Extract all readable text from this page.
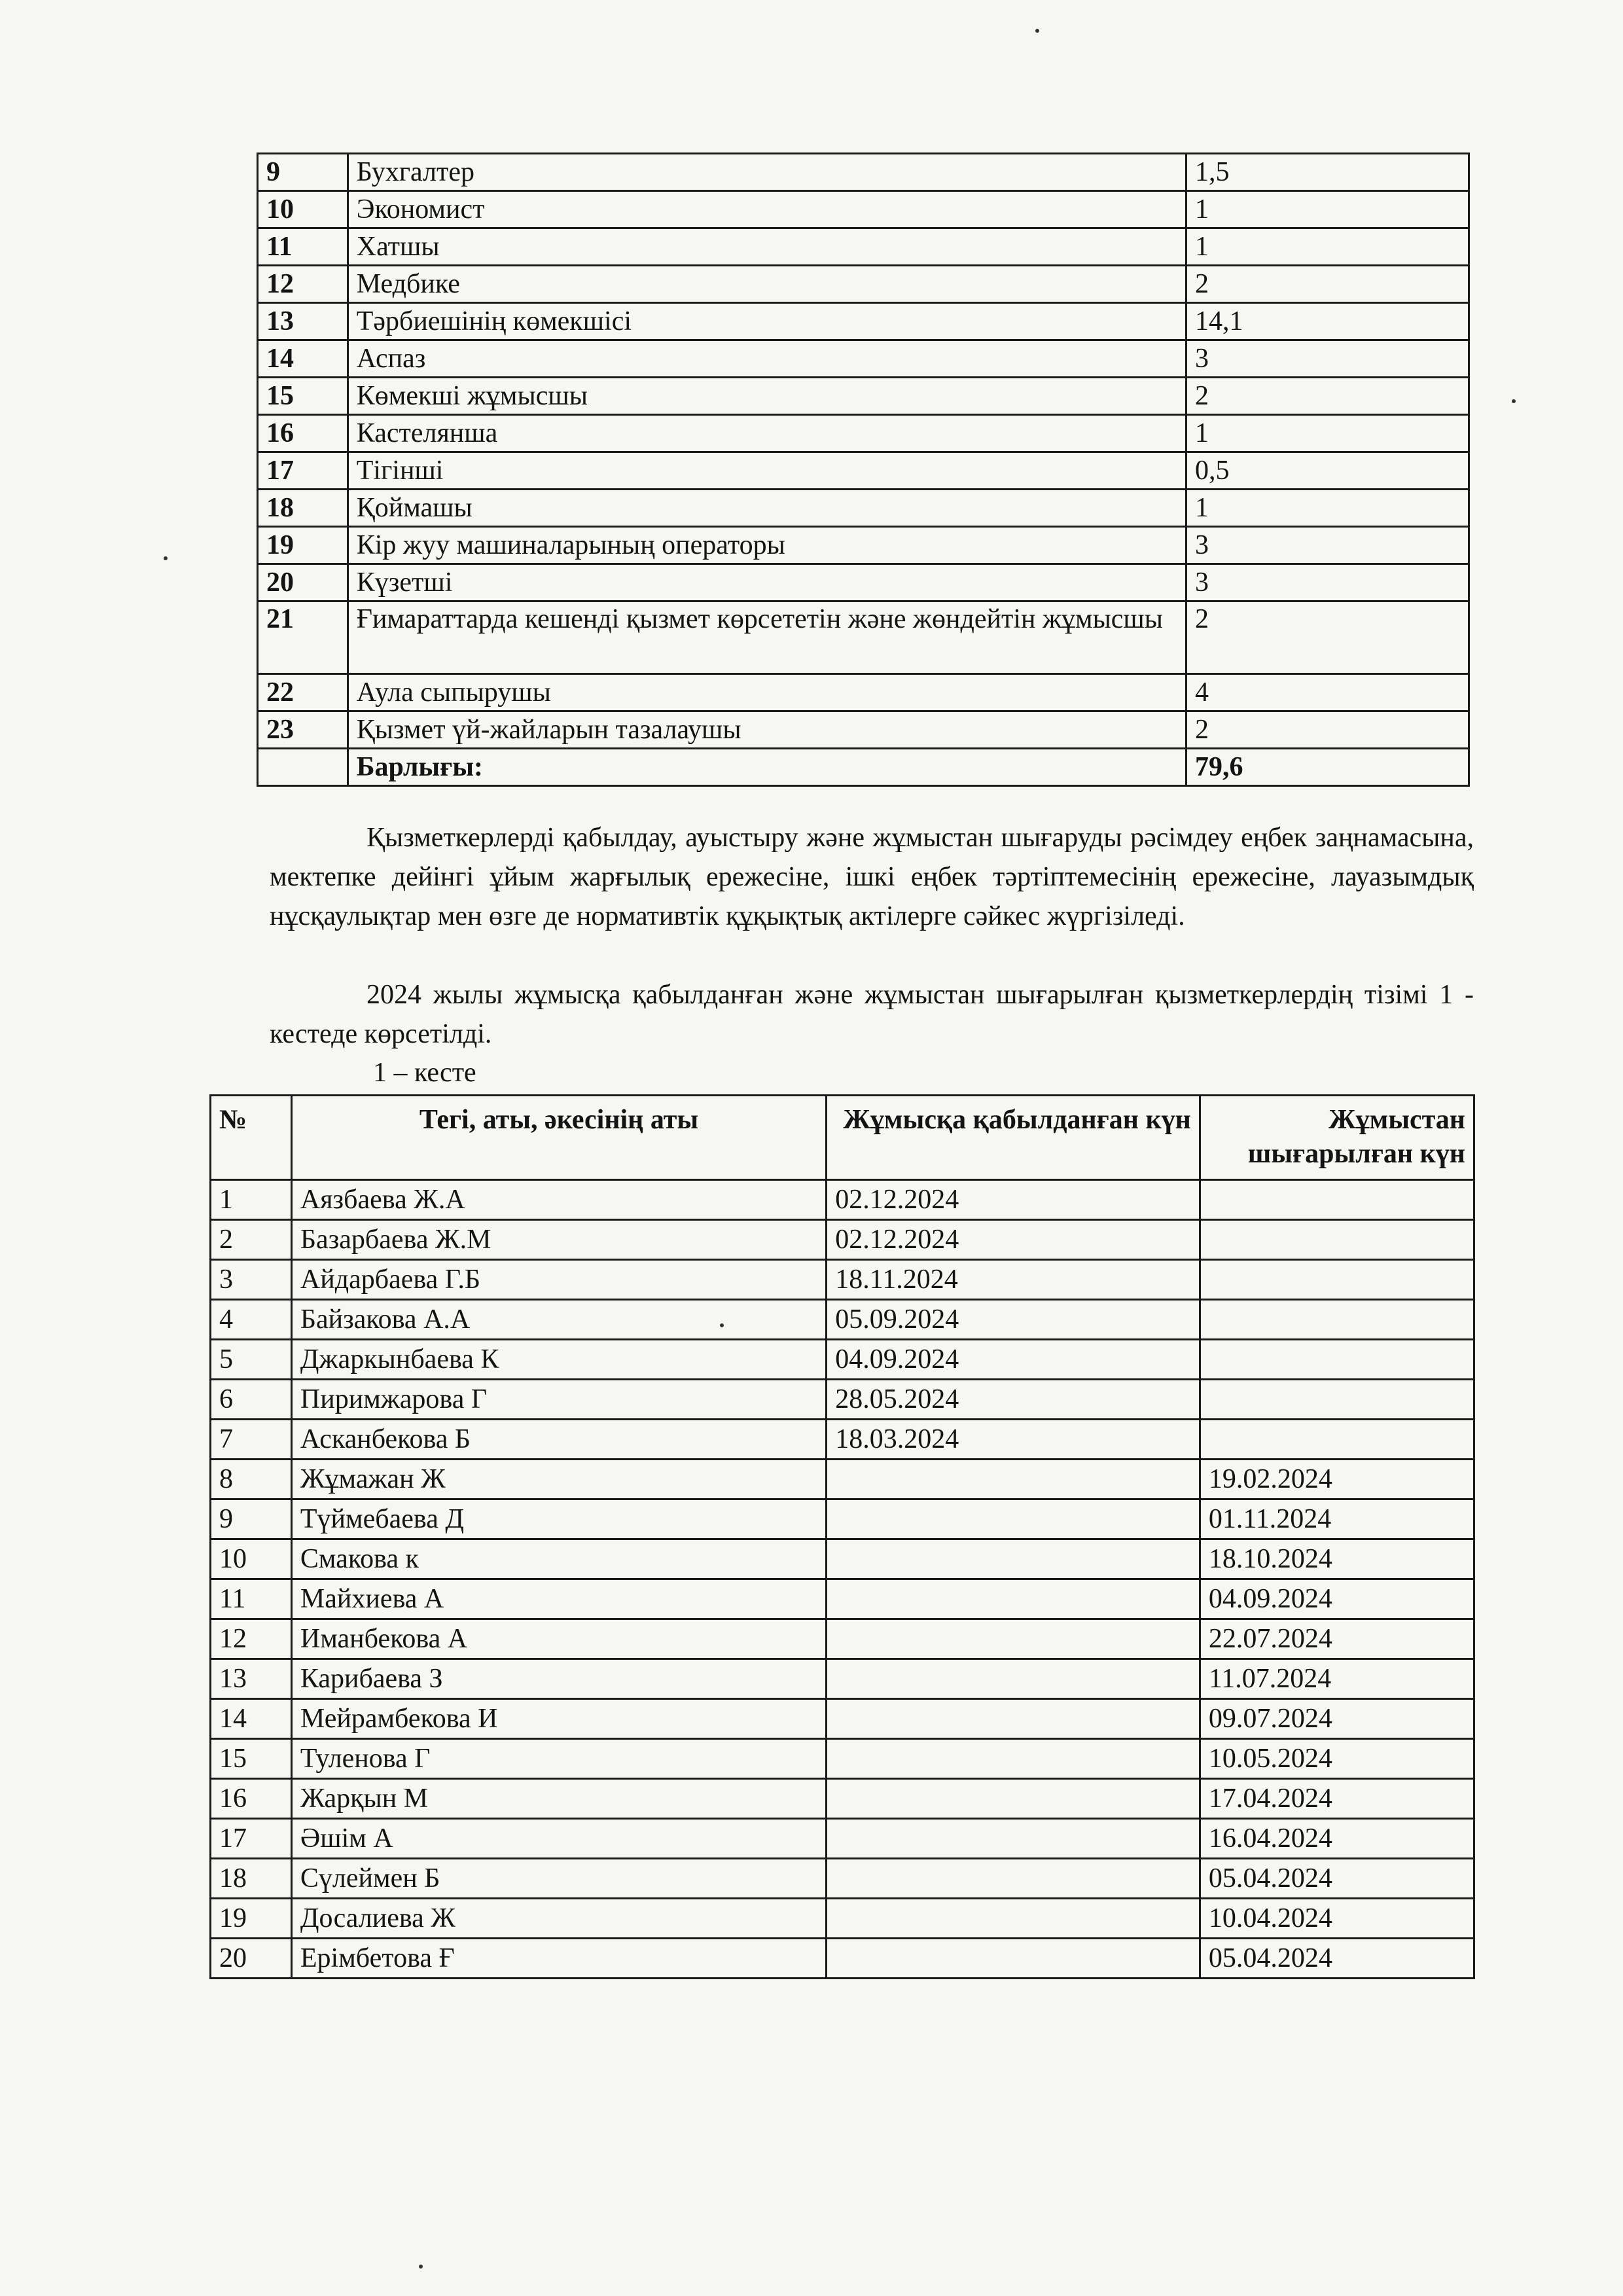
9	Бухгалтер	1,5
10	Экономист	1
11	Хатшы	1
12	Медбике	2
13	Тәрбиешінің көмекшісі	14,1
14	Аспаз	3
15	Көмекші жұмысшы	2
16	Кастелянша	1
17	Тігінші	0,5
18	Қоймашы	1
19	Кір жуу машиналарының операторы	3
20	Күзетші	3
21	Ғимараттарда кешенді қызмет көрсететін және жөндейтін жұмысшы	2
22	Аула сыпырушы	4
23	Қызмет үй-жайларын тазалаушы	2
	Барлығы:	79,6
Қызметкерлерді қабылдау, ауыстыру және жұмыстан шығаруды рәсімдеу еңбек заңнамасына, мектепке дейінгі ұйым жарғылық ережесіне, ішкі еңбек тәртіптемесінің ережесіне, лауазымдық нұсқаулықтар мен өзге де нормативтік құқықтық актілерге сәйкес жүргізіледі.
2024 жылы жұмысқа қабылданған және жұмыстан шығарылған қызметкерлердің тізімі 1 - кестеде көрсетілді.
1 – кесте
№	Тегі, аты, әкесінің аты	Жұмысқа қабылданған күн	Жұмыстан шығарылған күн
1	Аязбаева Ж.А	02.12.2024	
2	Базарбаева Ж.М	02.12.2024	
3	Айдарбаева Г.Б	18.11.2024	
4	Байзакова А.А	05.09.2024	
5	Джаркынбаева К	04.09.2024	
6	Пиримжарова Г	28.05.2024	
7	Асканбекова Б	18.03.2024	
8	Жұмажан Ж		19.02.2024
9	Түймебаева Д		01.11.2024
10	Смакова к		18.10.2024
11	Майхиева А		04.09.2024
12	Иманбекова А		22.07.2024
13	Карибаева З		11.07.2024
14	Мейрамбекова И		09.07.2024
15	Туленова Г		10.05.2024
16	Жарқын М		17.04.2024
17	Әшім А		16.04.2024
18	Сүлеймен Б		05.04.2024
19	Досалиева Ж		10.04.2024
20	Ерімбетова Ғ		05.04.2024
